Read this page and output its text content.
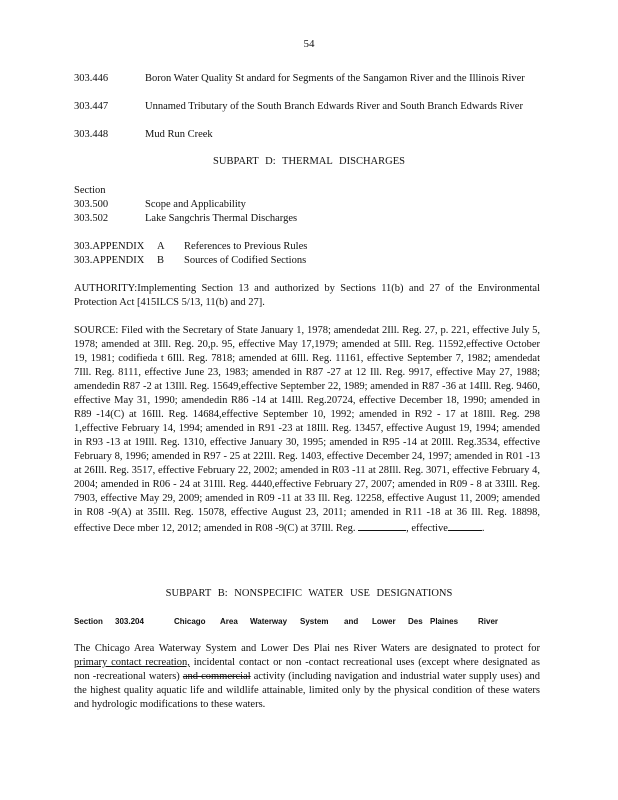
54
303.446	Boron Water Quality St andard for Segments of the Sangamon River and the Illinois River
303.447	Unnamed Tributary of the South Branch Edwards River and South Branch Edwards River
303.448	Mud Run Creek
SUBPART D: THERMAL DISCHARGES
Section
303.500	Scope and Applicability
303.502	Lake Sangchris Thermal Discharges
303.APPENDIX A References to Previous Rules
303.APPENDIX B Sources of Codified Sections
AUTHORITY:Implementing Section 13 and authorized by Sections 11(b) and 27 of the Environmental Protection Act [415ILCS 5/13, 11(b) and 27].
SOURCE: Filed with the Secretary of State January 1, 1978; amendedat 2Ill. Reg. 27, p. 221, effective July 5, 1978; amended at 3Ill. Reg. 20,p. 95, effective May 17,1979; amended at 5Ill. Reg. 11592,effective October 19, 1981; codifieda t 6Ill. Reg. 7818; amended at 6Ill. Reg. 11161, effective September 7, 1982; amendedat 7Ill. Reg. 8111, effective June 23, 1983; amended in R87 -27 at 12 Ill. Reg. 9917, effective May 27, 1988; amendedin R87 -2 at 13Ill. Reg. 15649,effective September 22, 1989; amended in R87 -36 at 14Ill. Reg. 9460, effective May 31, 1990; amendedin R86 -14 at 14Ill. Reg.20724, effective December 18, 1990; amended in R89 -14(C) at 16Ill. Reg. 14684,effective September 10, 1992; amended in R92 - 17 at 18Ill. Reg. 298 1,effective February 14, 1994; amended in R91 -23 at 18Ill. Reg. 13457, effective August 19, 1994; amended in R93 -13 at 19Ill. Reg. 1310, effective January 30, 1995; amended in R95 -14 at 20Ill. Reg.3534, effective February 8, 1996; amended in R97 - 25 at 22Ill. Reg. 1403, effective December 24, 1997; amended in R01 -13 at 26Ill. Reg. 3517, effective February 22, 2002; amended in R03 -11 at 28Ill. Reg. 3071, effective February 4, 2004; amended in R06 - 24 at 31Ill. Reg. 4440,effective February 27, 2007; amended in R09 - 8 at 33Ill. Reg. 7903, effective May 29, 2009; amended in R09 -11 at 33 Ill. Reg. 12258, effective August 11, 2009; amended in R08 -9(A) at 35Ill. Reg. 15078, effective August 23, 2011; amended in R11 -18 at 36 Ill. Reg. 18898, effective Dece mber 12, 2012; amended in R08 -9(C) at 37Ill. Reg.	, effective	.
SUBPART B: NONSPECIFIC WATER USE DESIGNATIONS
Section 303.204	Chicago Area Waterway System and Lower Des Plaines River
The Chicago Area Waterway System and Lower Des Plai nes River Waters are designated to protect for primary contact recreation, incidental contact or non -contact recreational uses (except where designated as non -recreational waters) and commercial activity (including navigation and industrial water supply uses) and the highest quality aquatic life and wildlife attainable, limited only by the physical condition of these waters and hydrologic modifications to these waters.
